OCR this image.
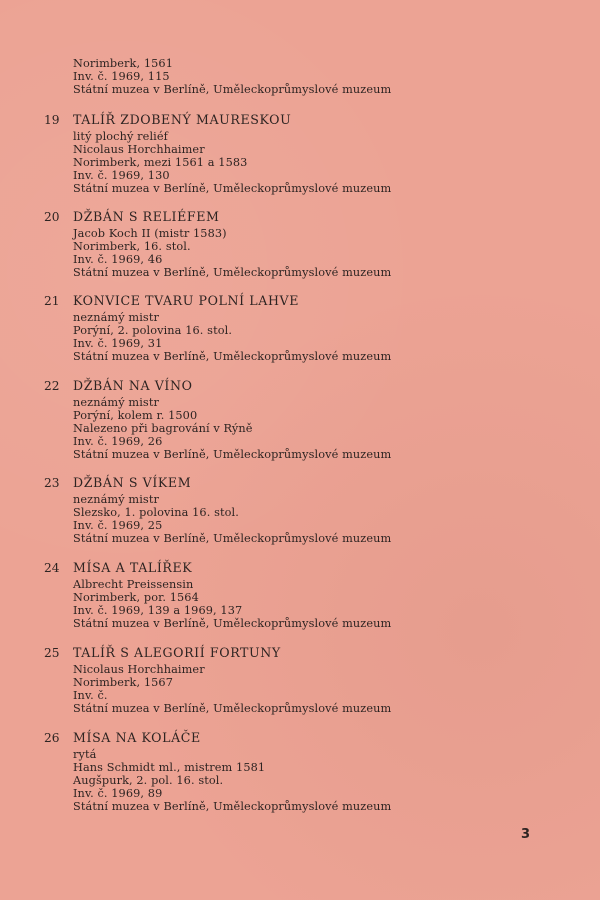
Norimberk, 1561
Inv. č. 1969, 115
Státní muzea v Berlíně, Uměleckoprůmyslové muzeum
19 TALÍŘ ZDOBENÝ MAURESKOU
litý plochý reliéf
Nicolaus Horchhaimer
Norimberk, mezi 1561 a 1583
Inv. č. 1969, 130
Státní muzea v Berlíně, Uměleckoprůmyslové muzeum
20 DŽBÁN S RELIÉFEM
Jacob Koch II (mistr 1583)
Norimberk, 16. stol.
Inv. č. 1969, 46
Státní muzea v Berlíně, Uměleckoprůmyslové muzeum
21 KONVICE TVARU POLNÍ LAHVE
neznámý mistr
Porýní, 2. polovina 16. stol.
Inv. č. 1969, 31
Státní muzea v Berlíně, Uměleckoprůmyslové muzeum
22 DŽBÁN NA VÍNO
neznámý mistr
Porýní, kolem r. 1500
Nalezeno při bagrování v Rýně
Inv. č. 1969, 26
Státní muzea v Berlíně, Uměleckoprůmyslové muzeum
23 DŽBÁN S VÍKEM
neznámý mistr
Slezsko, 1. polovina 16. stol.
Inv. č. 1969, 25
Státní muzea v Berlíně, Uměleckoprůmyslové muzeum
24 MÍSA A TALÍŘEK
Albrecht Preissensin
Norimberk, por. 1564
Inv. č. 1969, 139 a 1969, 137
Státní muzea v Berlíně, Uměleckoprůmyslové muzeum
25 TALÍŘ S ALEGORIÍ FORTUNY
Nicolaus Horchhaimer
Norimberk, 1567
Inv. č.
Státní muzea v Berlíně, Uměleckoprůmyslové muzeum
26 MÍSA NA KOLÁČE
rytá
Hans Schmidt ml., mistrem 1581
Augšpurk, 2. pol. 16. stol.
Inv. č. 1969, 89
Státní muzea v Berlíně, Uměleckoprůmyslové muzeum
3
